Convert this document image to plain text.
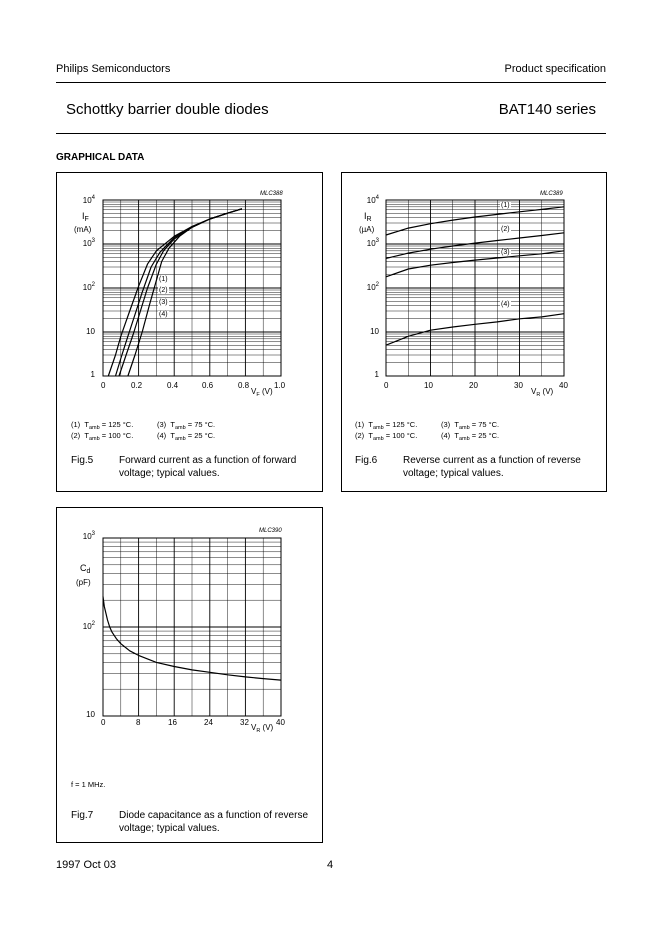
Philips Semiconductors	Product specification
Schottky barrier double diodes	BAT140 series
GRAPHICAL DATA
MLC388
$I_F$
(mA)
1
10
$10^2$
$10^3$
$10^4$
0	0.2	0.4	0.6	0.8	1.0
$V_F$ (V)
(1)
(2)
(3)
(4)
(1) $T_{amb} = 125$ °C.
(2) $T_{amb} = 100$ °C.
(3) $T_{amb} = 75$ °C.
(4) $T_{amb} = 25$ °C.
Fig.5	Forward current as a function of forward voltage; typical values.
MLC389
$I_R$
(µA)
1
10
$10^2$
$10^3$
$10^4$
0	10	20	30	40
$V_R$ (V)
(1)
(2)
(3)
(4)
(1) $T_{amb} = 125$ °C.
(2) $T_{amb} = 100$ °C.
(3) $T_{amb} = 75$ °C.
(4) $T_{amb} = 25$ °C.
Fig.6	Reverse current as a function of reverse voltage; typical values.
MLC390
$C_d$
(pF)
10
$10^2$
$10^3$
0	8	16	24	32	40
$V_R$ (V)
f = 1 MHz.
Fig.7	Diode capacitance as a function of reverse voltage; typical values.
1997 Oct 03	4
